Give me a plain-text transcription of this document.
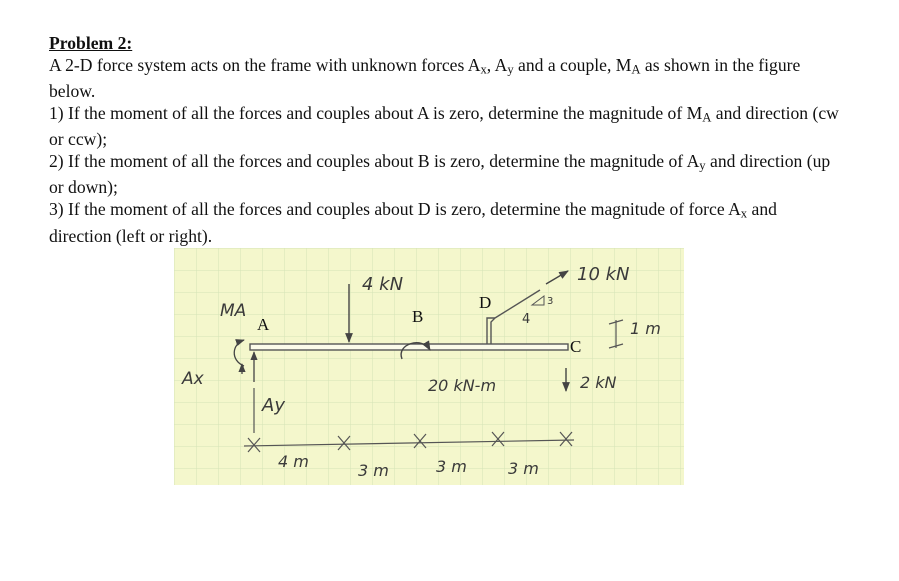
Problem 2:

A 2-D force system acts on the frame with unknown forces $A_x$, $A_y$ and a couple, $M_A$ as shown in the figure below.

1) If the moment of all the forces and couples about A is zero, determine the magnitude of $M_A$ and direction (cw or ccw);

2) If the moment of all the forces and couples about B is zero, determine the magnitude of $A_y$ and direction (up or down);

3) If the moment of all the forces and couples about D is zero, determine the magnitude of force $A_x$ and direction (left or right).

3
4
10 kN
4 kN
20 kN-m	2 kN
1 m
MA
Ax
Ay
A	B
D
C
4 m	3 m	3 m	3 m
